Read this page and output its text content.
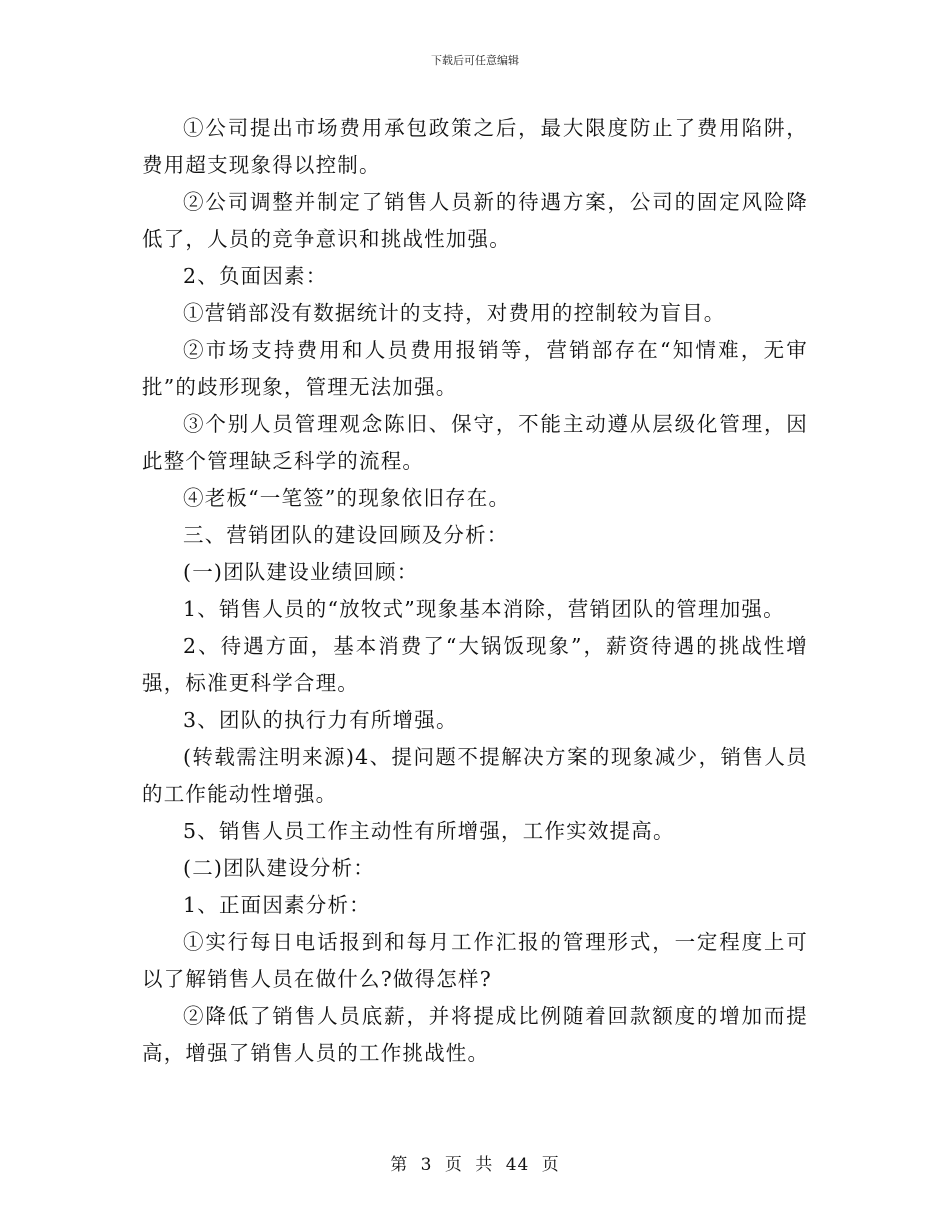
下载后可任意编辑

①公司提出市场费用承包政策之后，最大限度防止了费用陷阱，费用超支现象得以控制。

②公司调整并制定了销售人员新的待遇方案，公司的固定风险降低了，人员的竞争意识和挑战性加强。

2、负面因素：

①营销部没有数据统计的支持，对费用的控制较为盲目。

②市场支持费用和人员费用报销等，营销部存在“知情难，无审批”的歧形现象，管理无法加强。

③个别人员管理观念陈旧、保守，不能主动遵从层级化管理，因此整个管理缺乏科学的流程。

④老板“一笔签”的现象依旧存在。

三、营销团队的建设回顾及分析：

(一)团队建设业绩回顾：

1、销售人员的“放牧式”现象基本消除，营销团队的管理加强。

2、待遇方面，基本消费了“大锅饭现象”，薪资待遇的挑战性增强，标准更科学合理。

3、团队的执行力有所增强。

(转载需注明来源)4、提问题不提解决方案的现象减少，销售人员的工作能动性增强。

5、销售人员工作主动性有所增强，工作实效提高。

(二)团队建设分析：

1、正面因素分析：

①实行每日电话报到和每月工作汇报的管理形式，一定程度上可以了解销售人员在做什么?做得怎样?

②降低了销售人员底薪，并将提成比例随着回款额度的增加而提高，增强了销售人员的工作挑战性。

第 3 页 共 44 页
